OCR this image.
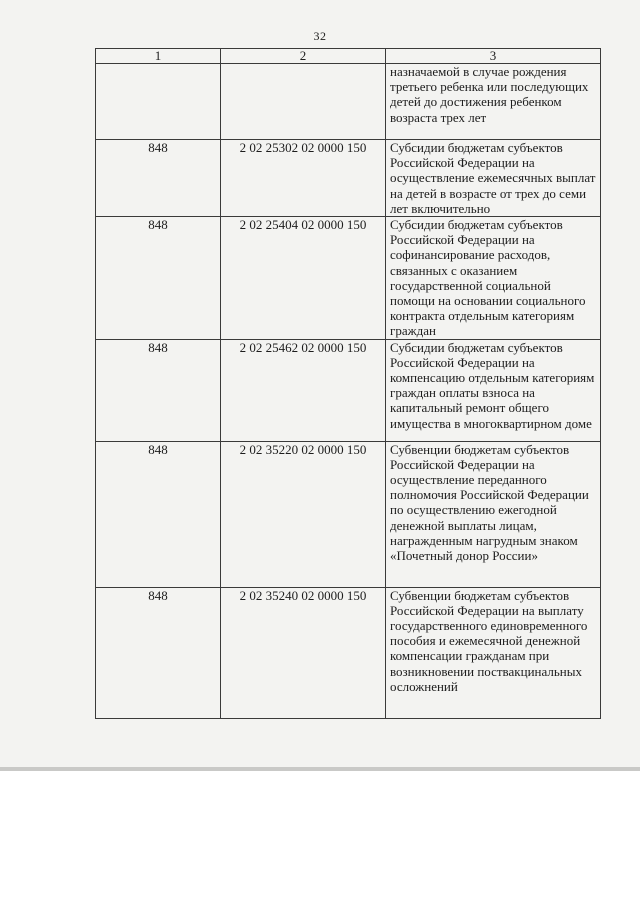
32
1	2	3
		назначаемой в случае рождения третьего ребенка или последующих детей до достижения ребенком возраста трех лет
848	2 02 25302 02 0000 150	Субсидии бюджетам субъектов Российской Федерации на осуществление ежемесячных выплат на детей в возрасте от трех до семи лет включительно
848	2 02 25404 02 0000 150	Субсидии бюджетам субъектов Российской Федерации на софинансирование расходов, связанных с оказанием государственной социальной помощи на основании социального контракта отдельным категориям граждан
848	2 02 25462 02 0000 150	Субсидии бюджетам субъектов Российской Федерации на компенсацию отдельным категориям граждан оплаты взноса на капитальный ремонт общего имущества в многоквартирном доме
848	2 02 35220 02 0000 150	Субвенции бюджетам субъектов Российской Федерации на осуществление переданного полномочия Российской Федерации по осуществлению ежегодной денежной выплаты лицам, награжденным нагрудным знаком «Почетный донор России»
848	2 02 35240 02 0000 150	Субвенции бюджетам субъектов Российской Федерации на выплату государственного единовременного пособия и ежемесячной денежной компенсации гражданам при возникновении поствакцинальных осложнений
